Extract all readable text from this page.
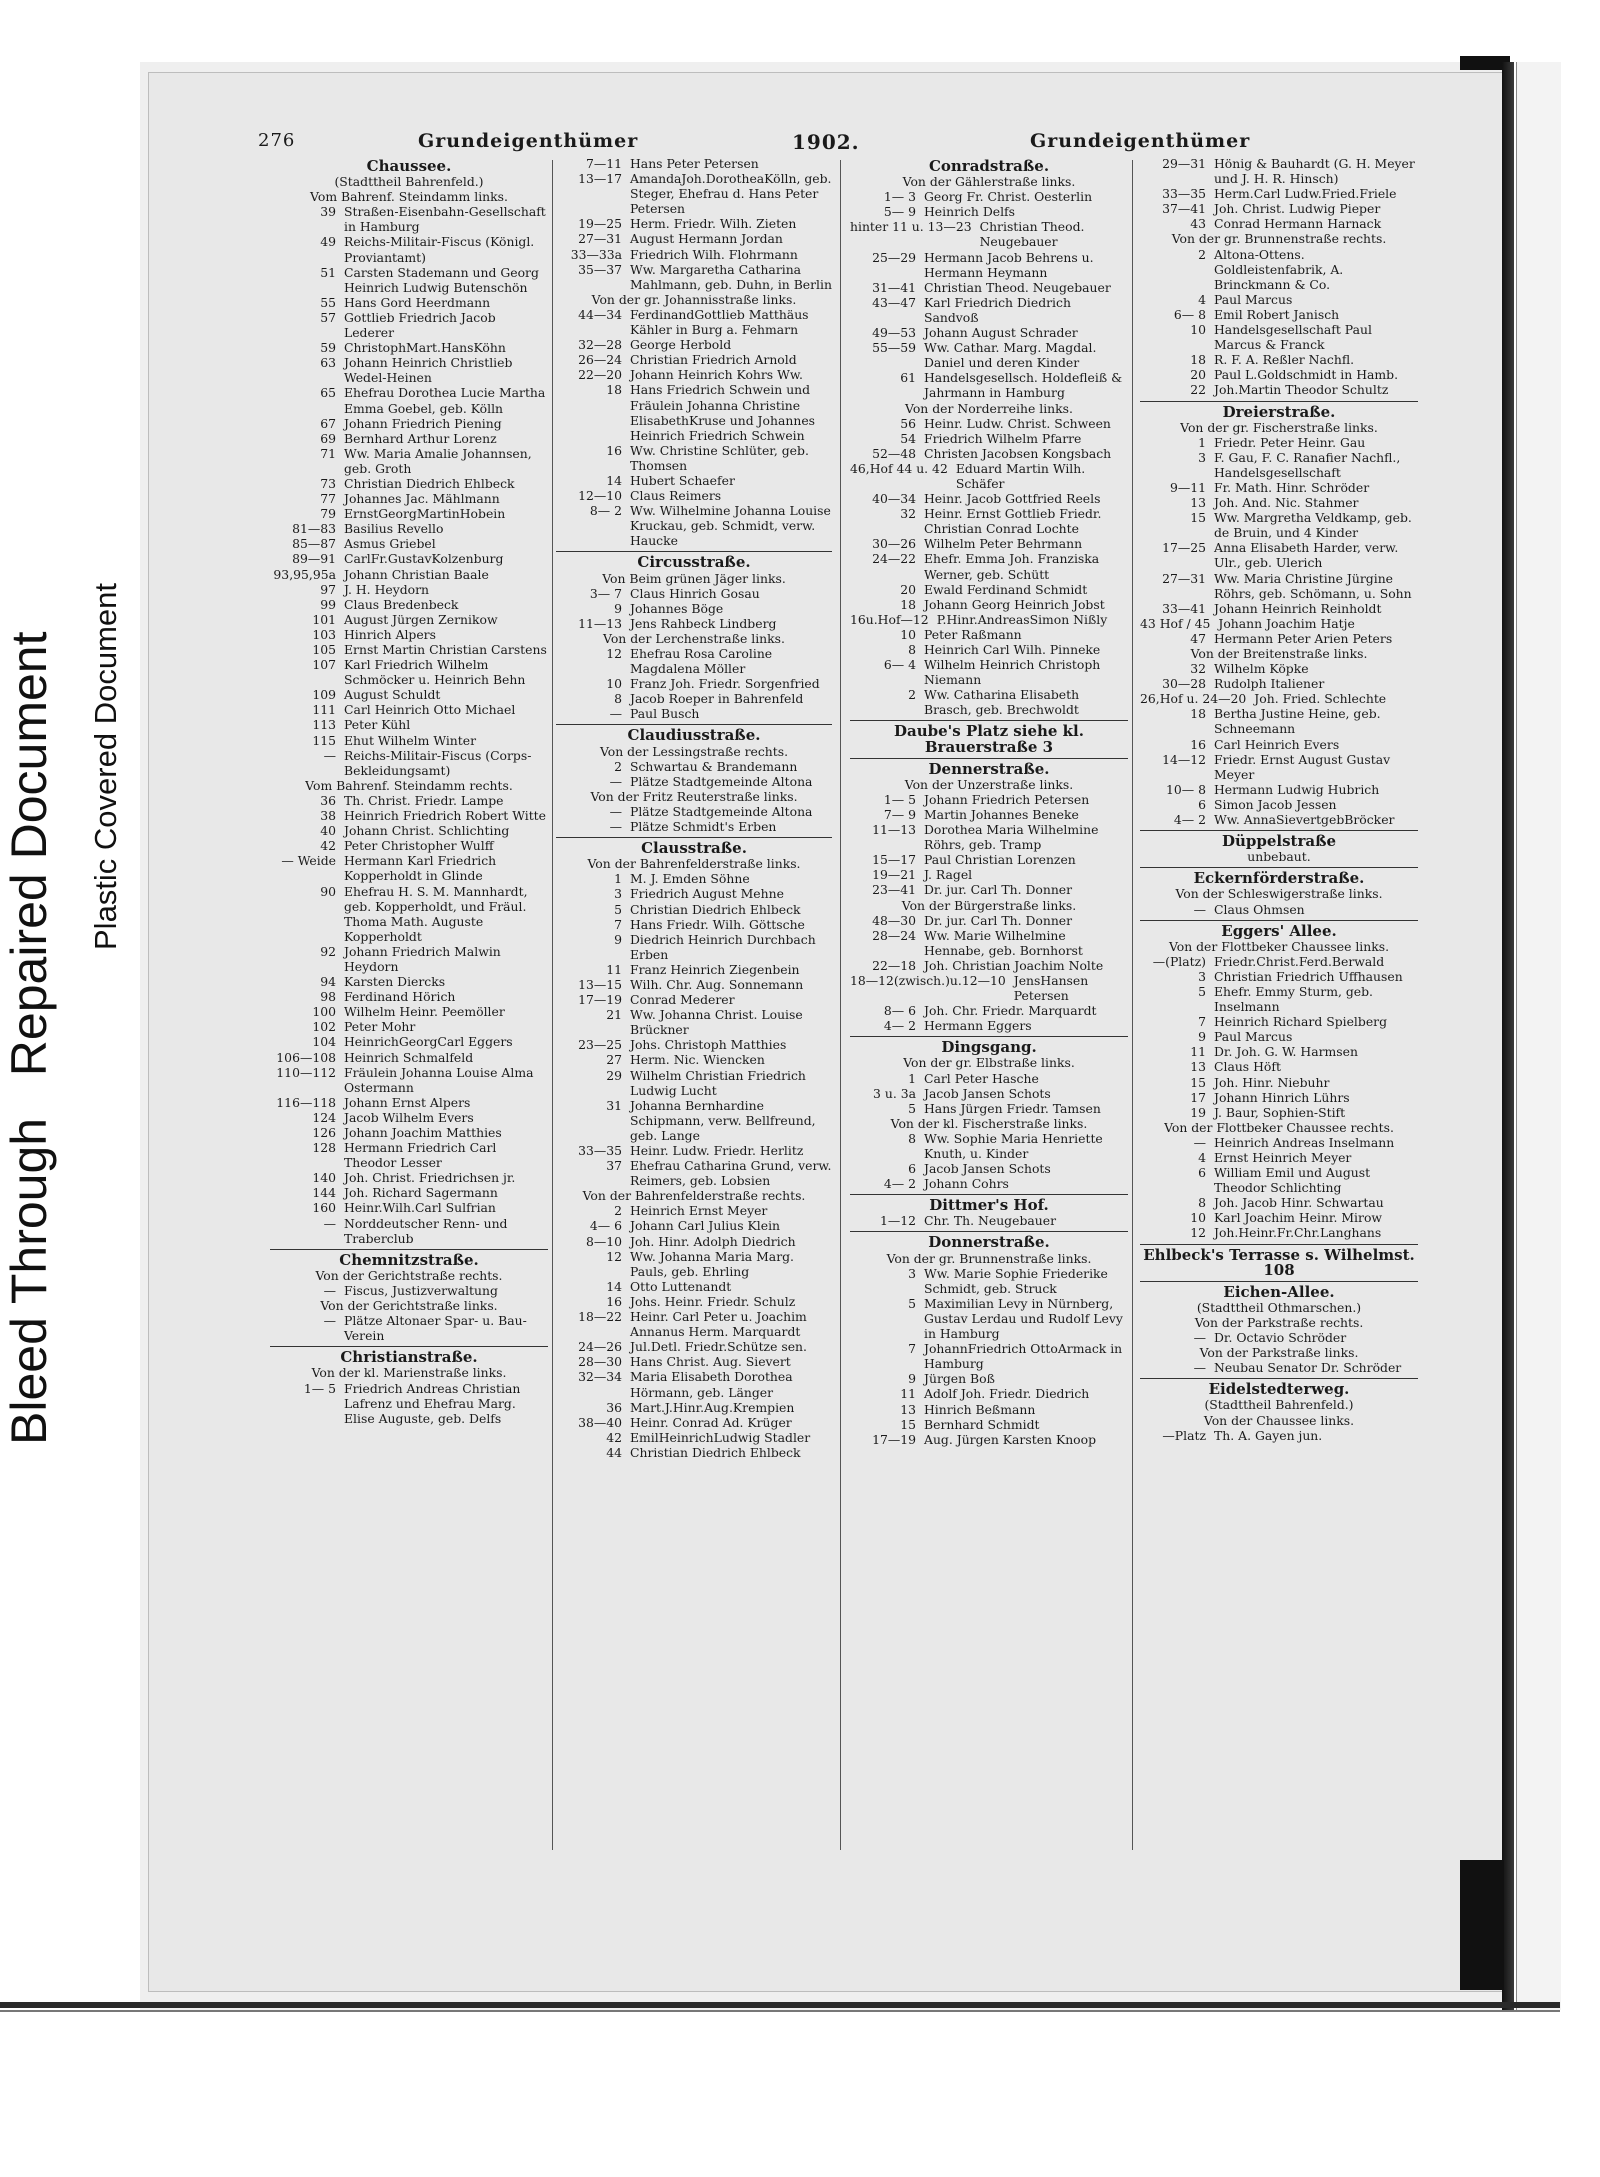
Bleed Through   Repaired Document Plastic Covered Document
276	Grundeigenthümer	1902.	Grundeigenthümer
Chaussee.
(Stadttheil Bahrenfeld.)
Vom Bahrenf. Steindamm links.
39 Straßen-Eisenbahn-Gesellschaft in Hamburg
49 Reichs-Militair-Fiscus (Königl. Proviantamt)
51 Carsten Stademann und Georg Heinrich Ludwig Butenschön
55 Hans Gord Heerdmann
57 Gottlieb Friedrich Jacob Lederer
59 ChristophMart.HansKöhn
63 Johann Heinrich Christlieb Wedel-Heinen
65 Ehefrau Dorothea Lucie Martha Emma Goebel, geb. Kölln
67 Johann Friedrich Piening
69 Bernhard Arthur Lorenz
71 Ww. Maria Amalie Johannsen, geb. Groth
73 Christian Diedrich Ehlbeck
77 Johannes Jac. Mählmann
79 ErnstGeorgMartinHobein
81—83 Basilius Revello
85—87 Asmus Griebel
89—91 CarlFr.GustavKolzenburg
93,95,95a Johann Christian Baale
97 J. H. Heydorn
99 Claus Bredenbeck
101 August Jürgen Zernikow
103 Hinrich Alpers
105 Ernst Martin Christian Carstens
107 Karl Friedrich Wilhelm Schmöcker u. Heinrich Behn
109 August Schuldt
111 Carl Heinrich Otto Michael
113 Peter Kühl
115 Ehut Wilhelm Winter
— Reichs-Militair-Fiscus (Corps-Bekleidungsamt)
Vom Bahrenf. Steindamm rechts.
36 Th. Christ. Friedr. Lampe
38 Heinrich Friedrich Robert Witte
40 Johann Christ. Schlichting
42 Peter Christopher Wulff
— Weide Hermann Karl Friedrich Kopperholdt in Glinde
90 Ehefrau H. S. M. Mannhardt, geb. Kopperholdt, und Fräul. Thoma Math. Auguste Kopperholdt
92 Johann Friedrich Malwin Heydorn
94 Karsten Diercks
98 Ferdinand Hörich
100 Wilhelm Heinr. Peemöller
102 Peter Mohr
104 HeinrichGeorgCarl Eggers
106—108 Heinrich Schmalfeld
110—112 Fräulein Johanna Louise Alma Ostermann
116—118 Johann Ernst Alpers
124 Jacob Wilhelm Evers
126 Johann Joachim Matthies
128 Hermann Friedrich Carl Theodor Lesser
140 Joh. Christ. Friedrichsen jr.
144 Joh. Richard Sagermann
160 Heinr.Wilh.Carl Sulfrian
— Norddeutscher Renn- und Traberclub
Chemnitzstraße.
Von der Gerichtstraße rechts.
— Fiscus, Justizverwaltung
Von der Gerichtstraße links.
— Plätze Altonaer Spar- u. Bau-Verein
Christianstraße.
Von der kl. Marienstraße links.
1— 5 Friedrich Andreas Christian Lafrenz und Ehefrau Marg. Elise Auguste, geb. Delfs
7—11 Hans Peter Petersen
13—17 AmandaJoh.DorotheaKölln, geb. Steger, Ehefrau d. Hans Peter Petersen
19—25 Herm. Friedr. Wilh. Zieten
27—31 August Hermann Jordan
33—33a Friedrich Wilh. Flohrmann
35—37 Ww. Margaretha Catharina Mahlmann, geb. Duhn, in Berlin
Von der gr. Johannisstraße links.
44—34 FerdinandGottlieb Matthäus Kähler in Burg a. Fehmarn
32—28 George Herbold
26—24 Christian Friedrich Arnold
22—20 Johann Heinrich Kohrs Ww.
18 Hans Friedrich Schwein und Fräulein Johanna Christine ElisabethKruse und Johannes Heinrich Friedrich Schwein
16 Ww. Christine Schlüter, geb. Thomsen
14 Hubert Schaefer
12—10 Claus Reimers
8— 2 Ww. Wilhelmine Johanna Louise Kruckau, geb. Schmidt, verw. Haucke
Circusstraße.
Von Beim grünen Jäger links.
3— 7 Claus Hinrich Gosau
9 Johannes Böge
11—13 Jens Rahbeck Lindberg
Von der Lerchenstraße links.
12 Ehefrau Rosa Caroline Magdalena Möller
10 Franz Joh. Friedr. Sorgenfried
8 Jacob Roeper in Bahrenfeld
— Paul Busch
Claudiusstraße.
Von der Lessingstraße rechts.
2 Schwartau & Brandemann
— Plätze Stadtgemeinde Altona
Von der Fritz Reuterstraße links.
— Plätze Stadtgemeinde Altona
— Plätze Schmidt's Erben
Clausstraße.
Von der Bahrenfelderstraße links.
1 M. J. Emden Söhne
3 Friedrich August Mehne
5 Christian Diedrich Ehlbeck
7 Hans Friedr. Wilh. Göttsche
9 Diedrich Heinrich Durchbach Erben
11 Franz Heinrich Ziegenbein
13—15 Wilh. Chr. Aug. Sonnemann
17—19 Conrad Mederer
21 Ww. Johanna Christ. Louise Brückner
23—25 Johs. Christoph Matthies
27 Herm. Nic. Wiencken
29 Wilhelm Christian Friedrich Ludwig Lucht
31 Johanna Bernhardine Schipmann, verw. Bellfreund, geb. Lange
33—35 Heinr. Ludw. Friedr. Herlitz
37 Ehefrau Catharina Grund, verw. Reimers, geb. Lobsien
Von der Bahrenfelderstraße rechts.
2 Heinrich Ernst Meyer
4— 6 Johann Carl Julius Klein
8—10 Joh. Hinr. Adolph Diedrich
12 Ww. Johanna Maria Marg. Pauls, geb. Ehrling
14 Otto Luttenandt
16 Johs. Heinr. Friedr. Schulz
18—22 Heinr. Carl Peter u. Joachim Annanus Herm. Marquardt
24—26 Jul.Detl. Friedr.Schütze sen.
28—30 Hans Christ. Aug. Sievert
32—34 Maria Elisabeth Dorothea Hörmann, geb. Länger
36 Mart.J.Hinr.Aug.Krempien
38—40 Heinr. Conrad Ad. Krüger
42 EmilHeinrichLudwig Stadler
44 Christian Diedrich Ehlbeck
Conradstraße.
Von der Gählerstraße links.
1— 3 Georg Fr. Christ. Oesterlin
5— 9 Heinrich Delfs
hinter 11 u. 13—23 Christian Theod. Neugebauer
25—29 Hermann Jacob Behrens u. Hermann Heymann
31—41 Christian Theod. Neugebauer
43—47 Karl Friedrich Diedrich Sandvoß
49—53 Johann August Schrader
55—59 Ww. Cathar. Marg. Magdal. Daniel und deren Kinder
61 Handelsgesellsch. Holdefleiß & Jahrmann in Hamburg
Von der Norderreihe links.
56 Heinr. Ludw. Christ. Schween
54 Friedrich Wilhelm Pfarre
52—48 Christen Jacobsen Kongsbach
46,Hof 44 u. 42 Eduard Martin Wilh. Schäfer
40—34 Heinr. Jacob Gottfried Reels
32 Heinr. Ernst Gottlieb Friedr. Christian Conrad Lochte
30—26 Wilhelm Peter Behrmann
24—22 Ehefr. Emma Joh. Franziska Werner, geb. Schütt
20 Ewald Ferdinand Schmidt
18 Johann Georg Heinrich Jobst
16u.Hof—12 P.Hinr.AndreasSimon Nißly
10 Peter Raßmann
8 Heinrich Carl Wilh. Pinneke
6— 4 Wilhelm Heinrich Christoph Niemann
2 Ww. Catharina Elisabeth Brasch, geb. Brechwoldt
Daube's Platz siehe kl. Brauerstraße 3
Dennerstraße.
Von der Unzerstraße links.
1— 5 Johann Friedrich Petersen
7— 9 Martin Johannes Beneke
11—13 Dorothea Maria Wilhelmine Röhrs, geb. Tramp
15—17 Paul Christian Lorenzen
19—21 J. Ragel
23—41 Dr. jur. Carl Th. Donner
Von der Bürgerstraße links.
48—30 Dr. jur. Carl Th. Donner
28—24 Ww. Marie Wilhelmine Hennabe, geb. Bornhorst
22—18 Joh. Christian Joachim Nolte
18—12(zwisch.)u.12—10 JensHansen Petersen
8— 6 Joh. Chr. Friedr. Marquardt
4— 2 Hermann Eggers
Dingsgang.
Von der gr. Elbstraße links.
1 Carl Peter Hasche
3 u. 3a Jacob Jansen Schots
5 Hans Jürgen Friedr. Tamsen
Von der kl. Fischerstraße links.
8 Ww. Sophie Maria Henriette Knuth, u. Kinder
6 Jacob Jansen Schots
4— 2 Johann Cohrs
Dittmer's Hof.
1—12 Chr. Th. Neugebauer
Donnerstraße.
Von der gr. Brunnenstraße links.
3 Ww. Marie Sophie Friederike Schmidt, geb. Struck
5 Maximilian Levy in Nürnberg, Gustav Lerdau und Rudolf Levy in Hamburg
7 JohannFriedrich OttoArmack in Hamburg
9 Jürgen Boß
11 Adolf Joh. Friedr. Diedrich
13 Hinrich Beßmann
15 Bernhard Schmidt
17—19 Aug. Jürgen Karsten Knoop
29—31 Hönig & Bauhardt (G. H. Meyer und J. H. R. Hinsch)
33—35 Herm.Carl Ludw.Fried.Friele
37—41 Joh. Christ. Ludwig Pieper
43 Conrad Hermann Harnack
Von der gr. Brunnenstraße rechts.
2 Altona-Ottens. Goldleistenfabrik, A. Brinckmann & Co.
4 Paul Marcus
6— 8 Emil Robert Janisch
10 Handelsgesellschaft Paul Marcus & Franck
18 R. F. A. Reßler Nachfl.
20 Paul L.Goldschmidt in Hamb.
22 Joh.Martin Theodor Schultz
Dreierstraße.
Von der gr. Fischerstraße links.
1 Friedr. Peter Heinr. Gau
3 F. Gau, F. C. Ranafier Nachfl., Handelsgesellschaft
9—11 Fr. Math. Hinr. Schröder
13 Joh. And. Nic. Stahmer
15 Ww. Margretha Veldkamp, geb. de Bruin, und 4 Kinder
17—25 Anna Elisabeth Harder, verw. Ulr., geb. Ulerich
27—31 Ww. Maria Christine Jürgine Röhrs, geb. Schömann, u. Sohn
33—41 Johann Heinrich Reinholdt
43 Hof / 45 Johann Joachim Hatje
47 Hermann Peter Arien Peters
Von der Breitenstraße links.
32 Wilhelm Köpke
30—28 Rudolph Italiener
26,Hof u. 24—20 Joh. Fried. Schlechte
18 Bertha Justine Heine, geb. Schneemann
16 Carl Heinrich Evers
14—12 Friedr. Ernst August Gustav Meyer
10— 8 Hermann Ludwig Hubrich
6 Simon Jacob Jessen
4— 2 Ww. AnnaSievertgebBröcker
Düppelstraße
unbebaut.
Eckernförderstraße.
Von der Schleswigerstraße links.
— Claus Ohmsen
Eggers' Allee.
Von der Flottbeker Chaussee links.
—(Platz) Friedr.Christ.Ferd.Berwald
3 Christian Friedrich Uffhausen
5 Ehefr. Emmy Sturm, geb. Inselmann
7 Heinrich Richard Spielberg
9 Paul Marcus
11 Dr. Joh. G. W. Harmsen
13 Claus Höft
15 Joh. Hinr. Niebuhr
17 Johann Hinrich Lührs
19 J. Baur, Sophien-Stift
Von der Flottbeker Chaussee rechts.
— Heinrich Andreas Inselmann
4 Ernst Heinrich Meyer
6 William Emil und August Theodor Schlichting
8 Joh. Jacob Hinr. Schwartau
10 Karl Joachim Heinr. Mirow
12 Joh.Heinr.Fr.Chr.Langhans
Ehlbeck's Terrasse s. Wilhelmst. 108
Eichen-Allee.
(Stadttheil Othmarschen.)
Von der Parkstraße rechts.
— Dr. Octavio Schröder
Von der Parkstraße links.
— Neubau Senator Dr. Schröder
Eidelstedterweg.
(Stadttheil Bahrenfeld.)
Von der Chaussee links.
—Platz Th. A. Gayen jun.
